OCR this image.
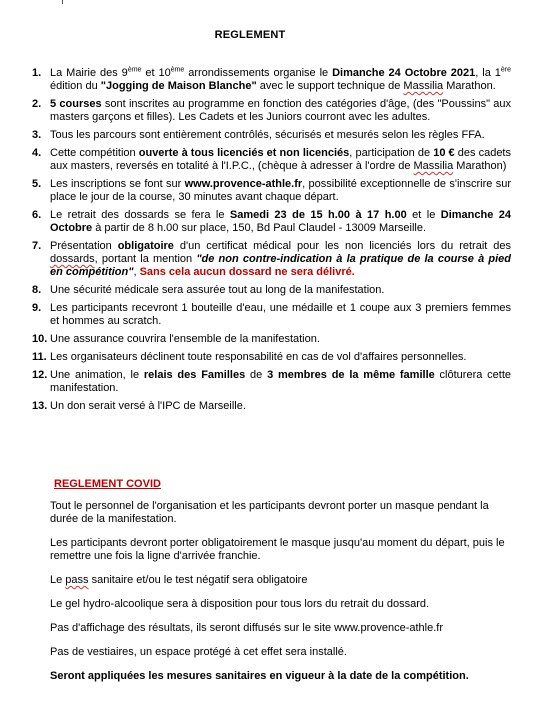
REGLEMENT
1. La Mairie des 9ème et 10ème arrondissements organise le Dimanche 24 Octobre 2021, la 1ère édition du "Jogging de Maison Blanche" avec le support technique de Massilia Marathon.
2. 5 courses sont inscrites au programme en fonction des catégories d'âge, (des "Poussins" aux masters garçons et filles). Les Cadets et les Juniors courront avec les adultes.
3. Tous les parcours sont entièrement contrôlés, sécurisés et mesurés selon les règles FFA.
4. Cette compétition ouverte à tous licenciés et non licenciés, participation de 10 € des cadets aux masters, reversés en totalité à l'I.P.C., (chèque à adresser à l'ordre de Massilia Marathon)
5. Les inscriptions se font sur www.provence-athle.fr, possibilité exceptionnelle de s'inscrire sur place le jour de la course, 30 minutes avant chaque départ.
6. Le retrait des dossards se fera le Samedi 23 de 15 h.00 à 17 h.00 et le Dimanche 24 Octobre à partir de 8 h.00 sur place, 150, Bd Paul Claudel - 13009 Marseille.
7. Présentation obligatoire d'un certificat médical pour les non licenciés lors du retrait des dossards, portant la mention "de non contre-indication à la pratique de la course à pied en compétition", Sans cela aucun dossard ne sera délivré.
8. Une sécurité médicale sera assurée tout au long de la manifestation.
9. Les participants recevront 1 bouteille d'eau, une médaille et 1 coupe aux 3 premiers femmes et hommes au scratch.
10. Une assurance couvrira l'ensemble de la manifestation.
11. Les organisateurs déclinent toute responsabilité en cas de vol d'affaires personnelles.
12. Une animation, le relais des Familles de 3 membres de la même famille clôturera cette manifestation.
13. Un don serait versé à l'IPC de Marseille.
REGLEMENT COVID

Tout le personnel de l'organisation et les participants devront porter un masque pendant la durée de la manifestation.

Les participants devront porter obligatoirement le masque jusqu'au moment du départ, puis le remettre une fois la ligne d'arrivée franchie.

Le pass sanitaire et/ou le test négatif sera obligatoire

Le gel hydro-alcoolique sera à disposition pour tous lors du retrait du dossard.

Pas d'affichage des résultats, ils seront diffusés sur le site www.provence-athle.fr

Pas de vestiaires, un espace protégé à cet effet sera installé.

Seront appliquées les mesures sanitaires en vigueur à la date de la compétition.
